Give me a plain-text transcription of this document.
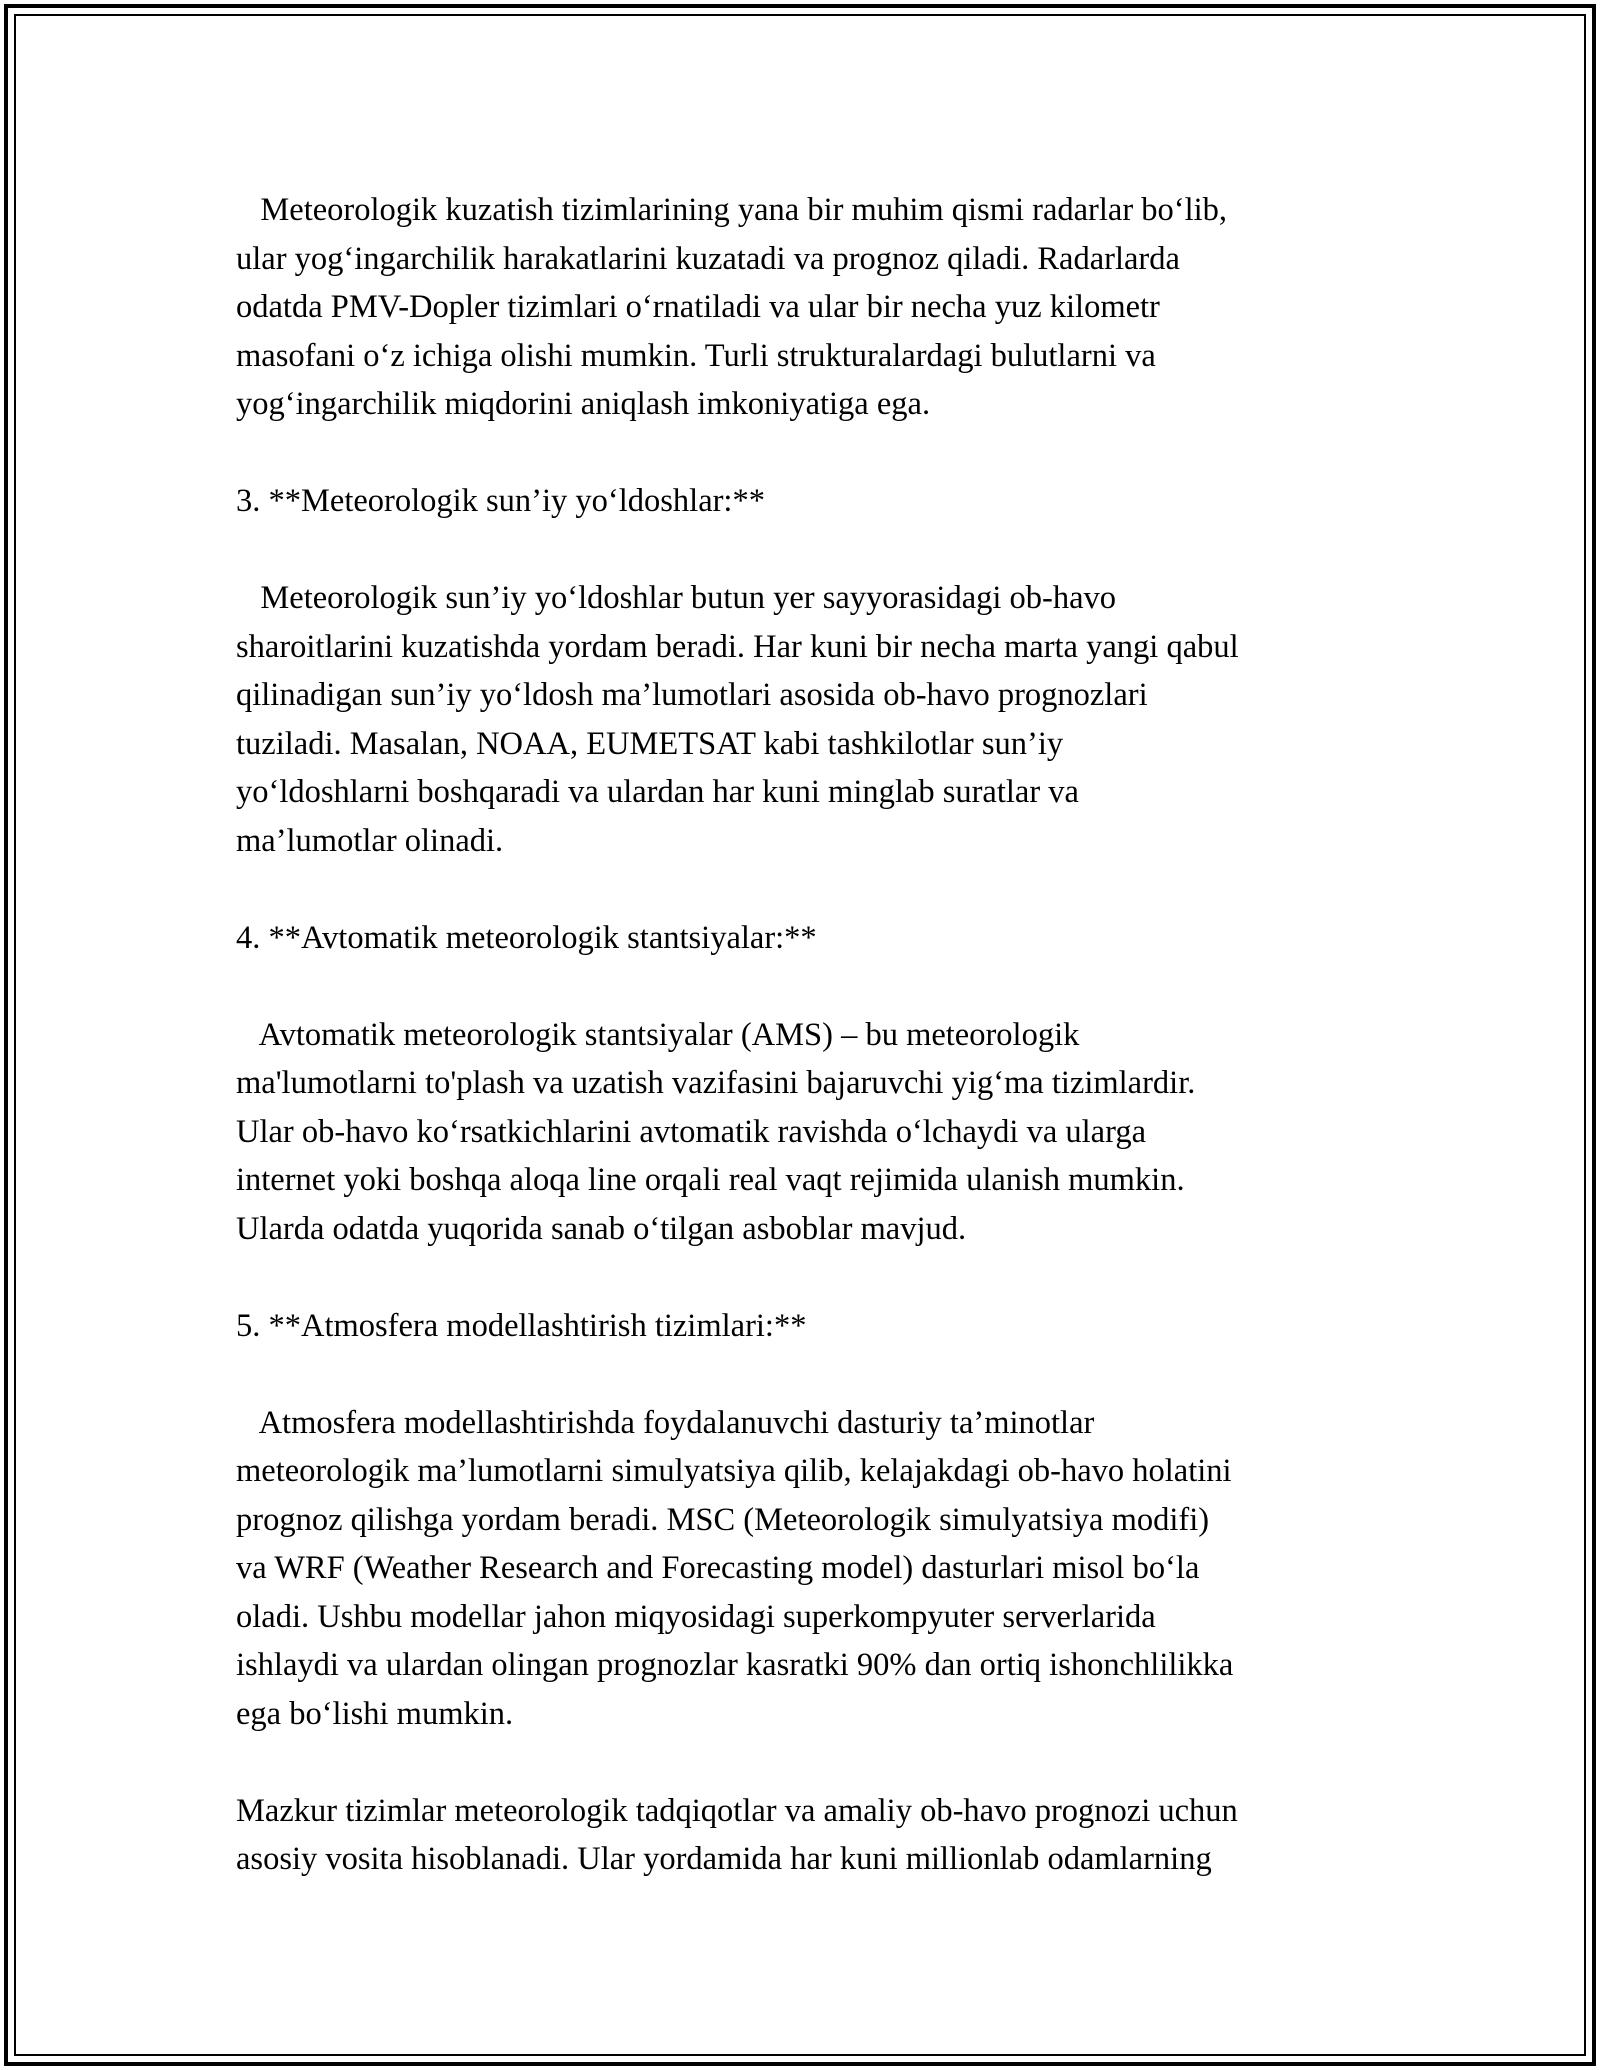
Meteorologik kuzatish tizimlarining yana bir muhim qismi radarlar bo‘lib,

ular yog‘ingarchilik harakatlarini kuzatadi va prognoz qiladi. Radarlarda

odatda PMV-Dopler tizimlari o‘rnatiladi va ular bir necha yuz kilometr

masofani o‘z ichiga olishi mumkin. Turli strukturalardagi bulutlarni va

yog‘ingarchilik miqdorini aniqlash imkoniyatiga ega.

3. **Meteorologik sun’iy yo‘ldoshlar:**

Meteorologik sun’iy yo‘ldoshlar butun yer sayyorasidagi ob-havo

sharoitlarini kuzatishda yordam beradi. Har kuni bir necha marta yangi qabul

qilinadigan sun’iy yo‘ldosh ma’lumotlari asosida ob-havo prognozlari

tuziladi. Masalan, NOAA, EUMETSAT kabi tashkilotlar sun’iy

yo‘ldoshlarni boshqaradi va ulardan har kuni minglab suratlar va

ma’lumotlar olinadi.

4. **Avtomatik meteorologik stantsiyalar:**

Avtomatik meteorologik stantsiyalar (AMS) – bu meteorologik

ma'lumotlarni to'plash va uzatish vazifasini bajaruvchi yig‘ma tizimlardir.

Ular ob-havo ko‘rsatkichlarini avtomatik ravishda o‘lchaydi va ularga

internet yoki boshqa aloqa line orqali real vaqt rejimida ulanish mumkin.

Ularda odatda yuqorida sanab o‘tilgan asboblar mavjud.

5. **Atmosfera modellashtirish tizimlari:**

Atmosfera modellashtirishda foydalanuvchi dasturiy ta’minotlar

meteorologik ma’lumotlarni simulyatsiya qilib, kelajakdagi ob-havo holatini

prognoz qilishga yordam beradi. MSC (Meteorologik simulyatsiya modifi)

va WRF (Weather Research and Forecasting model) dasturlari misol bo‘la

oladi. Ushbu modellar jahon miqyosidagi superkompyuter serverlarida

ishlaydi va ulardan olingan prognozlar kasratki 90% dan ortiq ishonchlilikka

ega bo‘lishi mumkin.

Mazkur tizimlar meteorologik tadqiqotlar va amaliy ob-havo prognozi uchun

asosiy vosita hisoblanadi. Ular yordamida har kuni millionlab odamlarning
